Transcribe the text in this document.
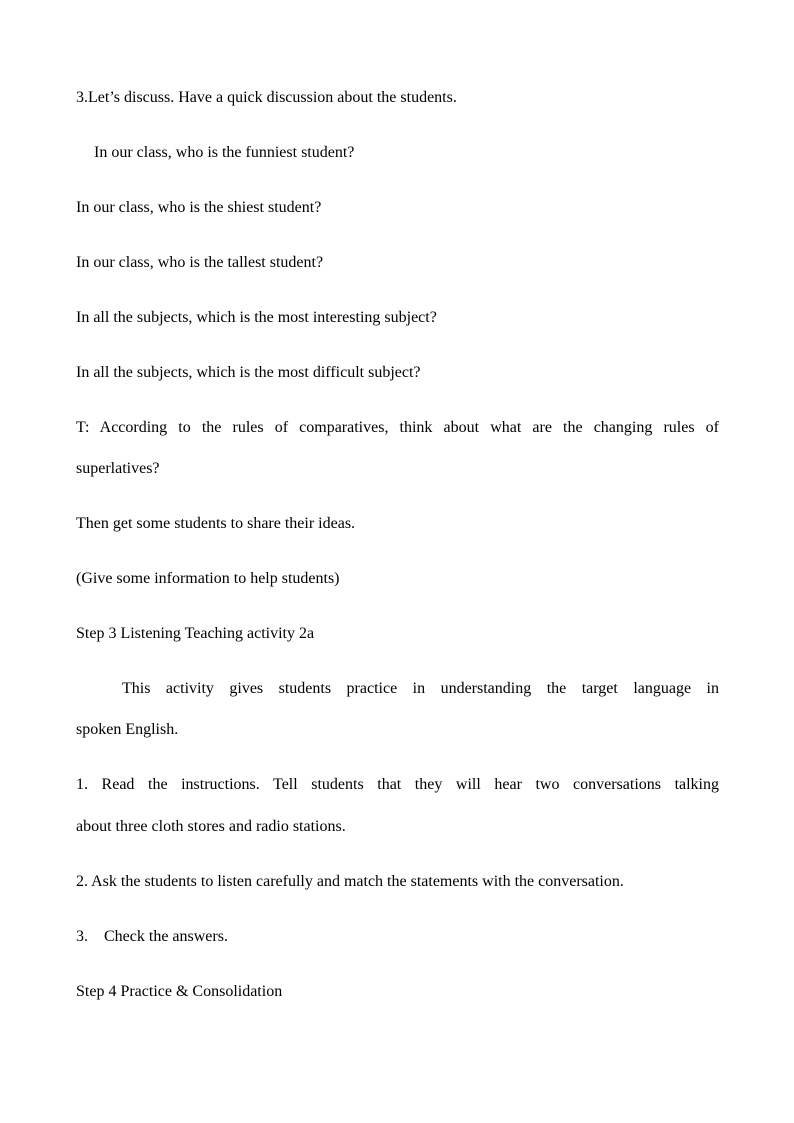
3.Let’s discuss. Have a quick discussion about the students.
In our class, who is the funniest student?
In our class, who is the shiest student?
In our class, who is the tallest student?
In all the subjects, which is the most interesting subject?
In all the subjects, which is the most difficult subject?
T: According to the rules of comparatives, think about what are the changing rules of
superlatives?
Then get some students to share their ideas.
(Give some information to help students)
Step 3 Listening Teaching activity 2a
This activity gives students practice in understanding the target language in
spoken English.
1. Read the instructions. Tell students that they will hear two conversations talking
about three cloth stores and radio stations.
2. Ask the students to listen carefully and match the statements with the conversation.
3.    Check the answers.
Step 4 Practice & Consolidation
